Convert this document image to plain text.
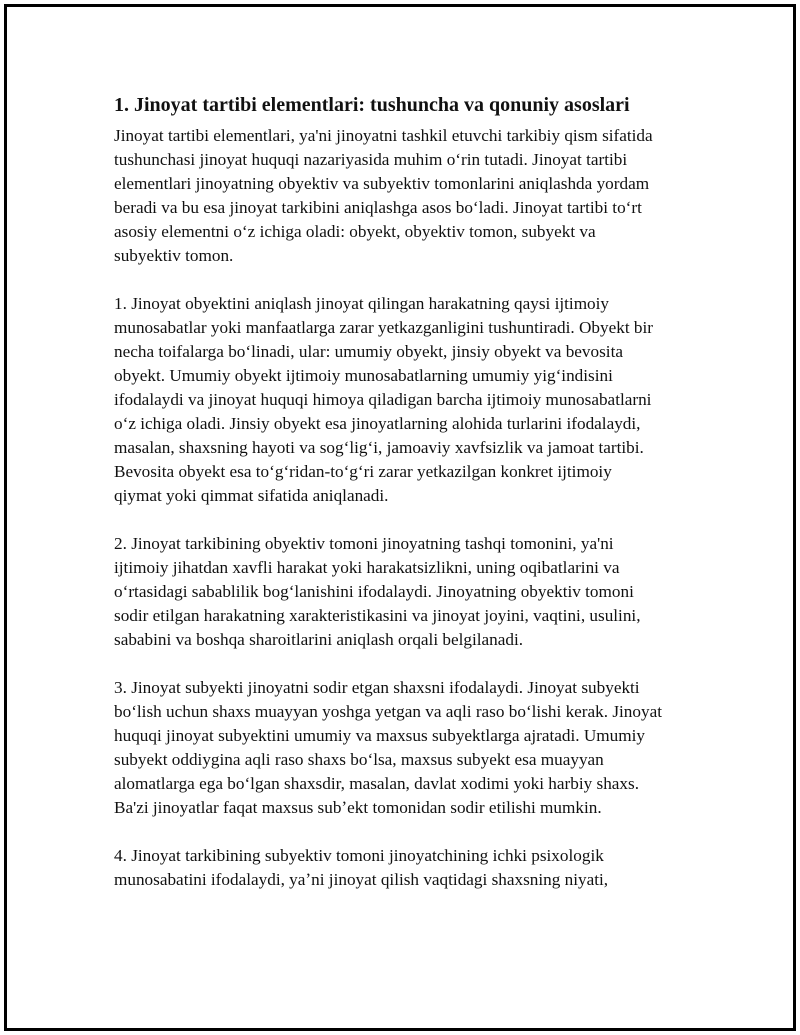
1. Jinoyat tartibi elementlari: tushuncha va qonuniy asoslari

Jinoyat tartibi elementlari, ya'ni jinoyatni tashkil etuvchi tarkibiy qism sifatida tushunchasi jinoyat huquqi nazariyasida muhim oʻrin tutadi. Jinoyat tartibi elementlari jinoyatning obyektiv va subyektiv tomonlarini aniqlashda yordam beradi va bu esa jinoyat tarkibini aniqlashga asos boʻladi. Jinoyat tartibi toʻrt asosiy elementni oʻz ichiga oladi: obyekt, obyektiv tomon, subyekt va subyektiv tomon.

1. Jinoyat obyektini aniqlash jinoyat qilingan harakatning qaysi ijtimoiy munosabatlar yoki manfaatlarga zarar yetkazganligini tushuntiradi. Obyekt bir necha toifalarga boʻlinadi, ular: umumiy obyekt, jinsiy obyekt va bevosita obyekt. Umumiy obyekt ijtimoiy munosabatlarning umumiy yigʻindisini ifodalaydi va jinoyat huquqi himoya qiladigan barcha ijtimoiy munosabatlarni oʻz ichiga oladi. Jinsiy obyekt esa jinoyatlarning alohida turlarini ifodalaydi, masalan, shaxsning hayoti va sogʻligʻi, jamoaviy xavfsizlik va jamoat tartibi. Bevosita obyekt esa toʻgʻridan-toʻgʻri zarar yetkazilgan konkret ijtimoiy qiymat yoki qimmat sifatida aniqlanadi.

2. Jinoyat tarkibining obyektiv tomoni jinoyatning tashqi tomonini, ya'ni ijtimoiy jihatdan xavfli harakat yoki harakatsizlikni, uning oqibatlarini va oʻrtasidagi sabablilik bogʻlanishini ifodalaydi. Jinoyatning obyektiv tomoni sodir etilgan harakatning xarakteristikasini va jinoyat joyini, vaqtini, usulini, sababini va boshqa sharoitlarini aniqlash orqali belgilanadi.

3. Jinoyat subyekti jinoyatni sodir etgan shaxsni ifodalaydi. Jinoyat subyekti boʻlish uchun shaxs muayyan yoshga yetgan va aqli raso boʻlishi kerak. Jinoyat huquqi jinoyat subyektini umumiy va maxsus subyektlarga ajratadi. Umumiy subyekt oddiygina aqli raso shaxs boʻlsa, maxsus subyekt esa muayyan alomatlarga ega boʻlgan shaxsdir, masalan, davlat xodimi yoki harbiy shaxs. Ba'zi jinoyatlar faqat maxsus subʼekt tomonidan sodir etilishi mumkin.

4. Jinoyat tarkibining subyektiv tomoni jinoyatchining ichki psixologik munosabatini ifodalaydi, yaʼni jinoyat qilish vaqtidagi shaxsning niyati,
